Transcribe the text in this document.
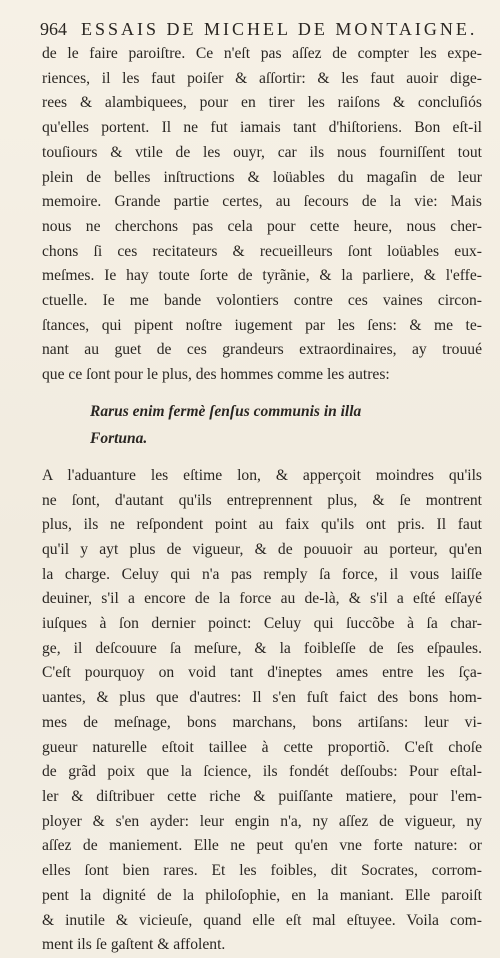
964 ESSAIS DE MICHEL DE MONTAIGNE.
de le faire paroiſtre. Ce n'eſt pas aſſez de compter les expe-
riences, il les faut poiſer & aſſortir: & les faut auoir dige-
rees & alambiquees, pour en tirer les raiſons & concluſiós
qu'elles portent. Il ne fut iamais tant d'hiſtoriens. Bon eſt-il
touſiours & vtile de les ouyr, car ils nous fourniſſent tout
plein de belles inſtructions & loüables du magaſin de leur
memoire. Grande partie certes, au ſecours de la vie: Mais
nous ne cherchons pas cela pour cette heure, nous cher-
chons ſi ces recitateurs & recueilleurs ſont loüables eux-
meſmes. Ie hay toute ſorte de tyrãnie, & la parliere, & l'effe-
ctuelle. Ie me bande volontiers contre ces vaines circon-
ſtances, qui pipent noſtre iugement par les ſens: & me te-
nant au guet de ces grandeurs extraordinaires, ay trouué
que ce ſont pour le plus, des hommes comme les autres:
Rarus enim fermè ſenſus communis in illa
Fortuna.
A l'aduanture les eſtime lon, & apperçoit moindres qu'ils
ne ſont, d'autant qu'ils entreprennent plus, & ſe montrent
plus, ils ne reſpondent point au faix qu'ils ont pris. Il faut
qu'il y ayt plus de vigueur, & de pouuoir au porteur, qu'en
la charge. Celuy qui n'a pas remply ſa force, il vous laiſſe
deuiner, s'il a encore de la force au de-là, & s'il a eſté eſſayé
iuſques à ſon dernier poinct: Celuy qui ſuccõbe à ſa char-
ge, il deſcouure ſa meſure, & la foibleſſe de ſes eſpaules.
C'eſt pourquoy on void tant d'ineptes ames entre les ſça-
uantes, & plus que d'autres: Il s'en fuſt faict des bons hom-
mes de meſnage, bons marchans, bons artiſans: leur vi-
gueur naturelle eſtoit taillee à cette proportiõ. C'eſt choſe
de grãd poix que la ſcience, ils fondét deſſoubs: Pour eſtal-
ler & diſtribuer cette riche & puiſſante matiere, pour l'em-
ployer & s'en ayder: leur engin n'a, ny aſſez de vigueur, ny
aſſez de maniement. Elle ne peut qu'en vne forte nature: or
elles ſont bien rares. Et les foibles, dit Socrates, corrom-
pent la dignité de la philoſophie, en la maniant. Elle paroiſt
& inutile & vicieuſe, quand elle eſt mal eſtuyee. Voila com-
ment ils ſe gaſtent & affolent.
